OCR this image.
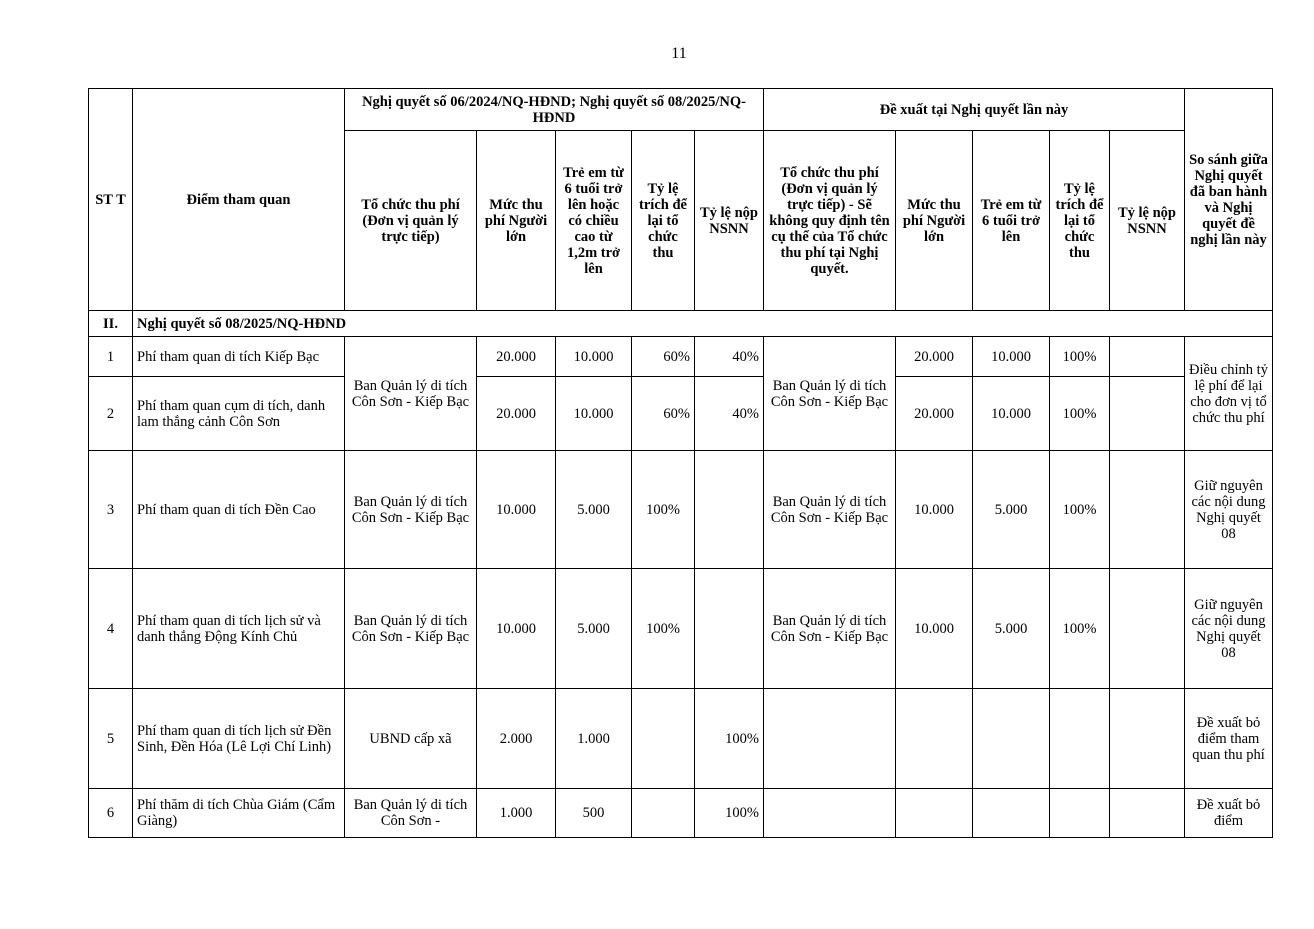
11
ST T	Điểm tham quan	Nghị quyết số 06/2024/NQ-HĐND; Nghị quyết số 08/2025/NQ-HĐND					Đề xuất tại Nghị quyết lần này					So sánh giữa Nghị quyết đã ban hành và Nghị quyết đề nghị lần này
		Tổ chức thu phí (Đơn vị quản lý trực tiếp)	Mức thu phí Người lớn	Trẻ em từ 6 tuổi trở lên hoặc có chiều cao từ 1,2m trở lên	Tỷ lệ trích để lại tổ chức thu	Tỷ lệ nộp NSNN	Tổ chức thu phí (Đơn vị quản lý trực tiếp) - Sẽ không quy định tên cụ thể của Tổ chức thu phí tại Nghị quyết.	Mức thu phí Người lớn	Trẻ em từ 6 tuổi trở lên	Tỷ lệ trích để lại tổ chức thu	Tỷ lệ nộp NSNN	
II.	Nghị quyết số 08/2025/NQ-HĐND											
1	Phí tham quan di tích Kiếp Bạc	Ban Quản lý di tích Côn Sơn - Kiếp Bạc	20.000	10.000	60%	40%	Ban Quản lý di tích Côn Sơn - Kiếp Bạc	20.000	10.000	100%		Điều chỉnh tỷ lệ phí để lại cho đơn vị tổ chức thu phí
2	Phí tham quan cụm di tích, danh lam thắng cảnh Côn Sơn		20.000	10.000	60%	40%		20.000	10.000	100%		
3	Phí tham quan di tích Đền Cao	Ban Quản lý di tích Côn Sơn - Kiếp Bạc	10.000	5.000	100%		Ban Quản lý di tích Côn Sơn - Kiếp Bạc	10.000	5.000	100%		Giữ nguyên các nội dung Nghị quyết 08
4	Phí tham quan di tích lịch sử và danh thắng Động Kính Chủ	Ban Quản lý di tích Côn Sơn - Kiếp Bạc	10.000	5.000	100%		Ban Quản lý di tích Côn Sơn - Kiếp Bạc	10.000	5.000	100%		Giữ nguyên các nội dung Nghị quyết 08
5	Phí tham quan di tích lịch sử Đền Sinh, Đền Hóa (Lê Lợi Chí Linh)	UBND cấp xã	2.000	1.000		100%						Đề xuất bỏ điểm tham quan thu phí
6	Phí thăm di tích Chùa Giám (Cẩm Giàng)	Ban Quản lý di tích Côn Sơn -	1.000	500		100%						Đề xuất bỏ điểm
